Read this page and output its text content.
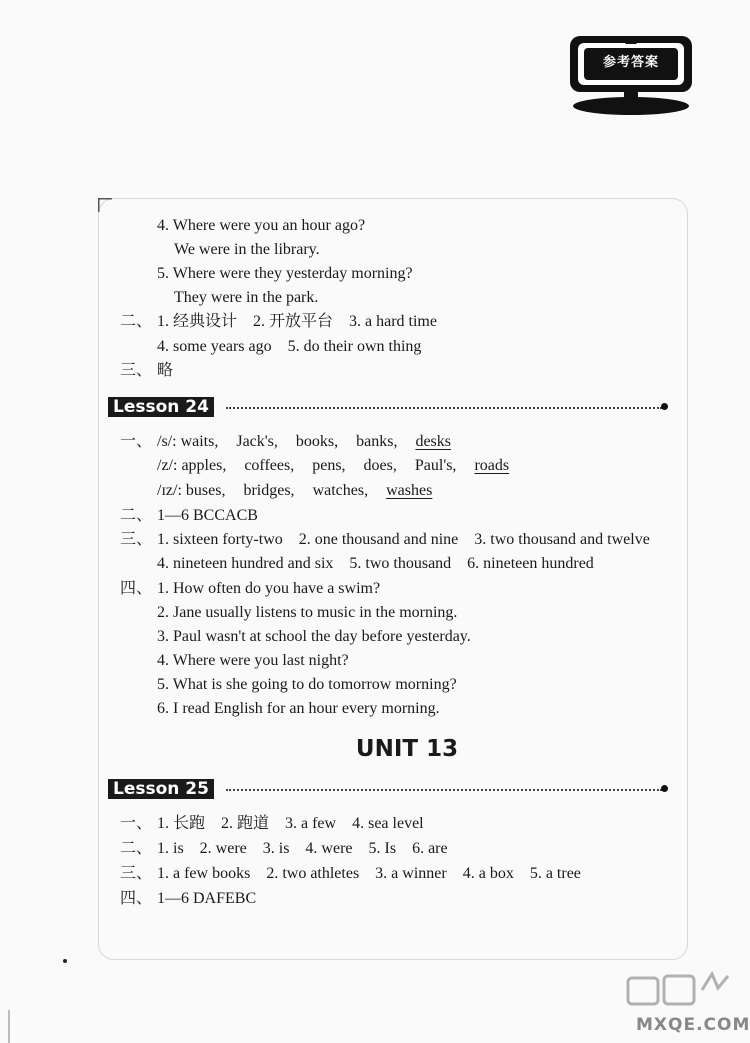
参考答案
4. Where were you an hour ago?
We were in the library.
5. Where were they yesterday morning?
They were in the park.
二、 1. 经典设计　2. 开放平台　3. a hard time
4. some years ago　5. do their own thing
三、 略
Lesson 24
一、 /s/: waits, Jack's, books, banks, desks
/z/: apples, coffees, pens, does, Paul's, roads
/ɪz/: buses, bridges, watches, washes
二、 1—6 BCCACB
三、 1. sixteen forty-two　2. one thousand and nine　3. two thousand and twelve
4. nineteen hundred and six　5. two thousand　6. nineteen hundred
四、 1. How often do you have a swim?
2. Jane usually listens to music in the morning.
3. Paul wasn't at school the day before yesterday.
4. Where were you last night?
5. What is she going to do tomorrow morning?
6. I read English for an hour every morning.
UNIT 13
Lesson 25
一、 1. 长跑　2. 跑道　3. a few　4. sea level
二、 1. is　2. were　3. is　4. were　5. Is　6. are
三、 1. a few books　2. two athletes　3. a winner　4. a box　5. a tree
四、 1—6 DAFEBC
MXQE.COM
